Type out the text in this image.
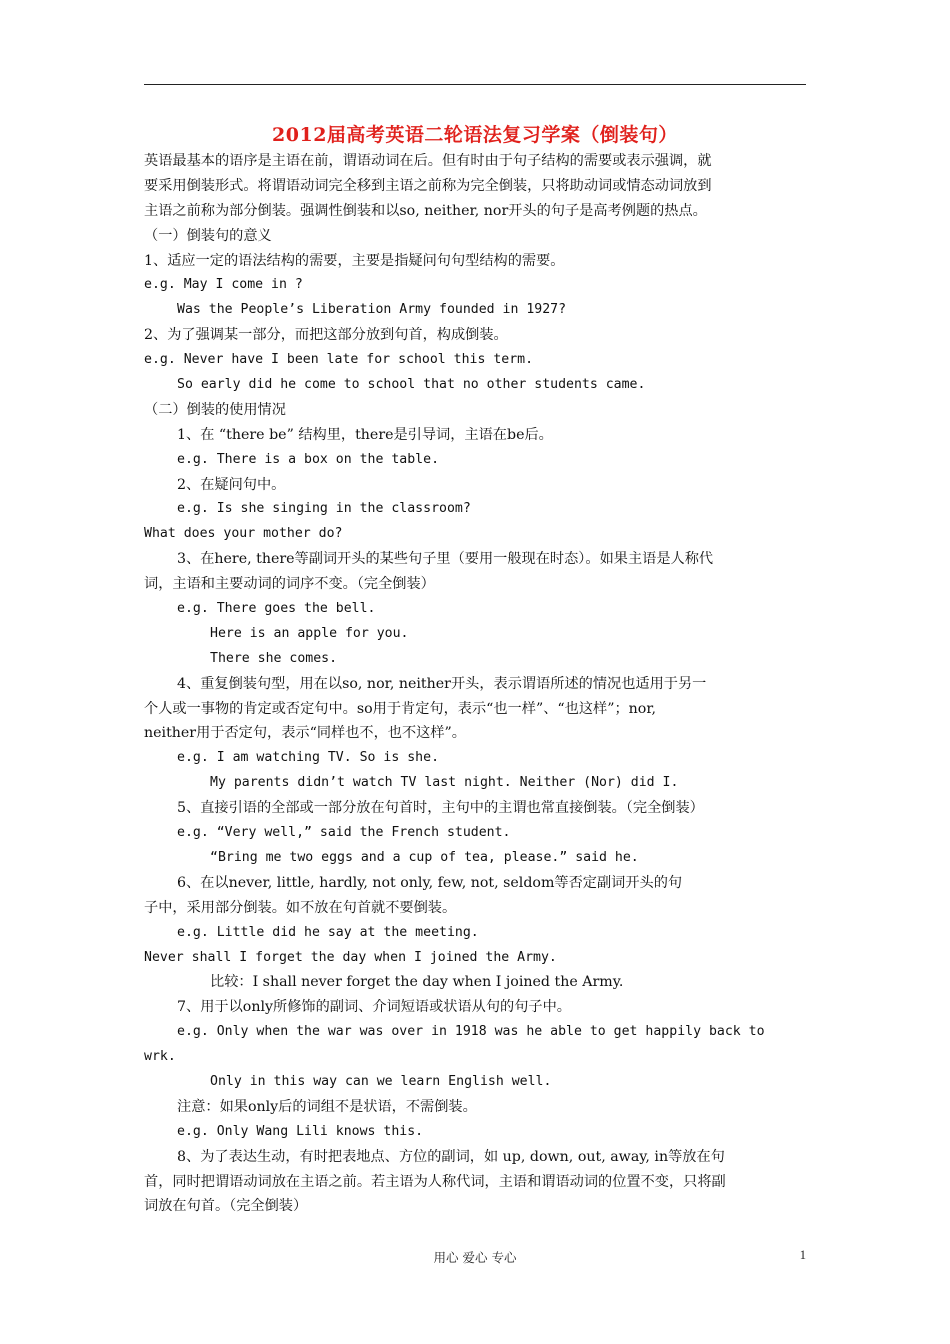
2012届高考英语二轮语法复习学案（倒装句）
英语最基本的语序是主语在前，谓语动词在后。但有时由于句子结构的需要或表示强调，就
要采用倒装形式。将谓语动词完全移到主语之前称为完全倒装，只将助动词或情态动词放到
主语之前称为部分倒装。强调性倒装和以so, neither, nor开头的句子是高考例题的热点。
（一）倒装句的意义
1、适应一定的语法结构的需要，主要是指疑问句句型结构的需要。
e.g. May I come in ?
Was the People’s Liberation Army founded in 1927?
2、为了强调某一部分，而把这部分放到句首，构成倒装。
e.g. Never have I been late for school this term.
So early did he come to school that no other students came.
（二）倒装的使用情况
1、在 “there be” 结构里，there是引导词，主语在be后。
e.g. There is a box on the table.
2、在疑问句中。
e.g. Is she singing in the classroom?
What does your mother do?
3、在here, there等副词开头的某些句子里（要用一般现在时态）。如果主语是人称代
词，主语和主要动词的词序不变。（完全倒装）
e.g. There goes the bell.
Here is an apple for you.
There she comes.
4、重复倒装句型，用在以so, nor, neither开头，表示谓语所述的情况也适用于另一
个人或一事物的肯定或否定句中。so用于肯定句，表示“也一样”、“也这样”；nor,
neither用于否定句，表示“同样也不，也不这样”。
e.g. I am watching TV. So is she.
My parents didn’t watch TV last night. Neither (Nor) did I.
5、直接引语的全部或一部分放在句首时，主句中的主谓也常直接倒装。（完全倒装）
e.g. “Very well,” said the French student.
“Bring me two eggs and a cup of tea, please.” said he.
6、在以never, little, hardly, not only, few, not, seldom等否定副词开头的句
子中，采用部分倒装。如不放在句首就不要倒装。
e.g. Little did he say at the meeting.
Never shall I forget the day when I joined the Army.
比较：I shall never forget the day when I joined the Army.
7、用于以only所修饰的副词、介词短语或状语从句的句子中。
e.g. Only when the war was over in 1918 was he able to get happily back to
wrk.
Only in this way can we learn English well.
注意：如果only后的词组不是状语，不需倒装。
e.g. Only Wang Lili knows this.
8、为了表达生动，有时把表地点、方位的副词，如 up, down, out, away, in等放在句
首，同时把谓语动词放在主语之前。若主语为人称代词，主语和谓语动词的位置不变，只将副
词放在句首。（完全倒装）
用心 爱心 专心	1
